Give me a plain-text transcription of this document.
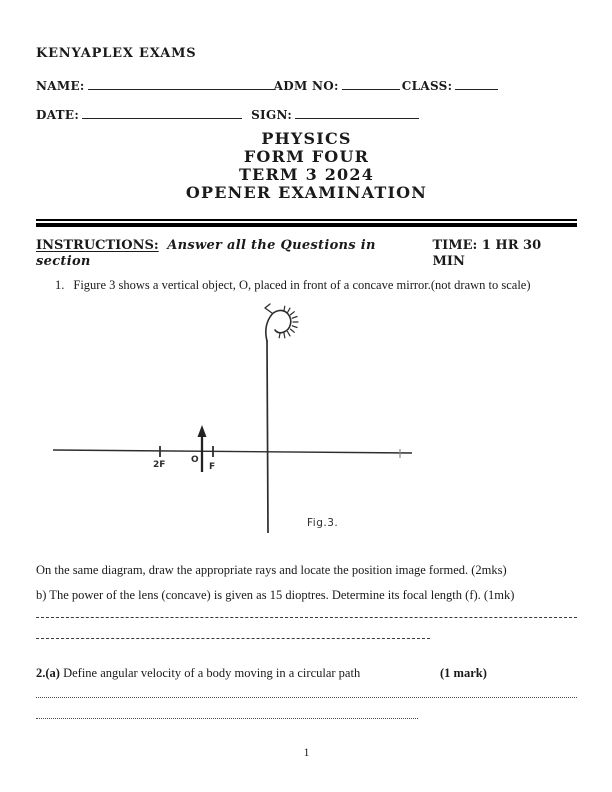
KENYAPLEX EXAMS
NAME:	ADM NO:	CLASS:
DATE:	SIGN:
PHYSICS
FORM FOUR
TERM 3 2024
OPENER EXAMINATION
INSTRUCTIONS: Answer all the Questions in section
TIME: 1 HR 30 MIN
1. Figure 3 shows a vertical object, O, placed in front of a concave mirror.(not drawn to scale)
2F	O
F
Fig.3.
On the same diagram, draw the appropriate rays and locate the position image formed. (2mks)
b) The power of the lens (concave) is given as 15 dioptres. Determine its focal length (f). (1mk)
2.(a) Define angular velocity of a body moving in a circular path	(1 mark)
1
